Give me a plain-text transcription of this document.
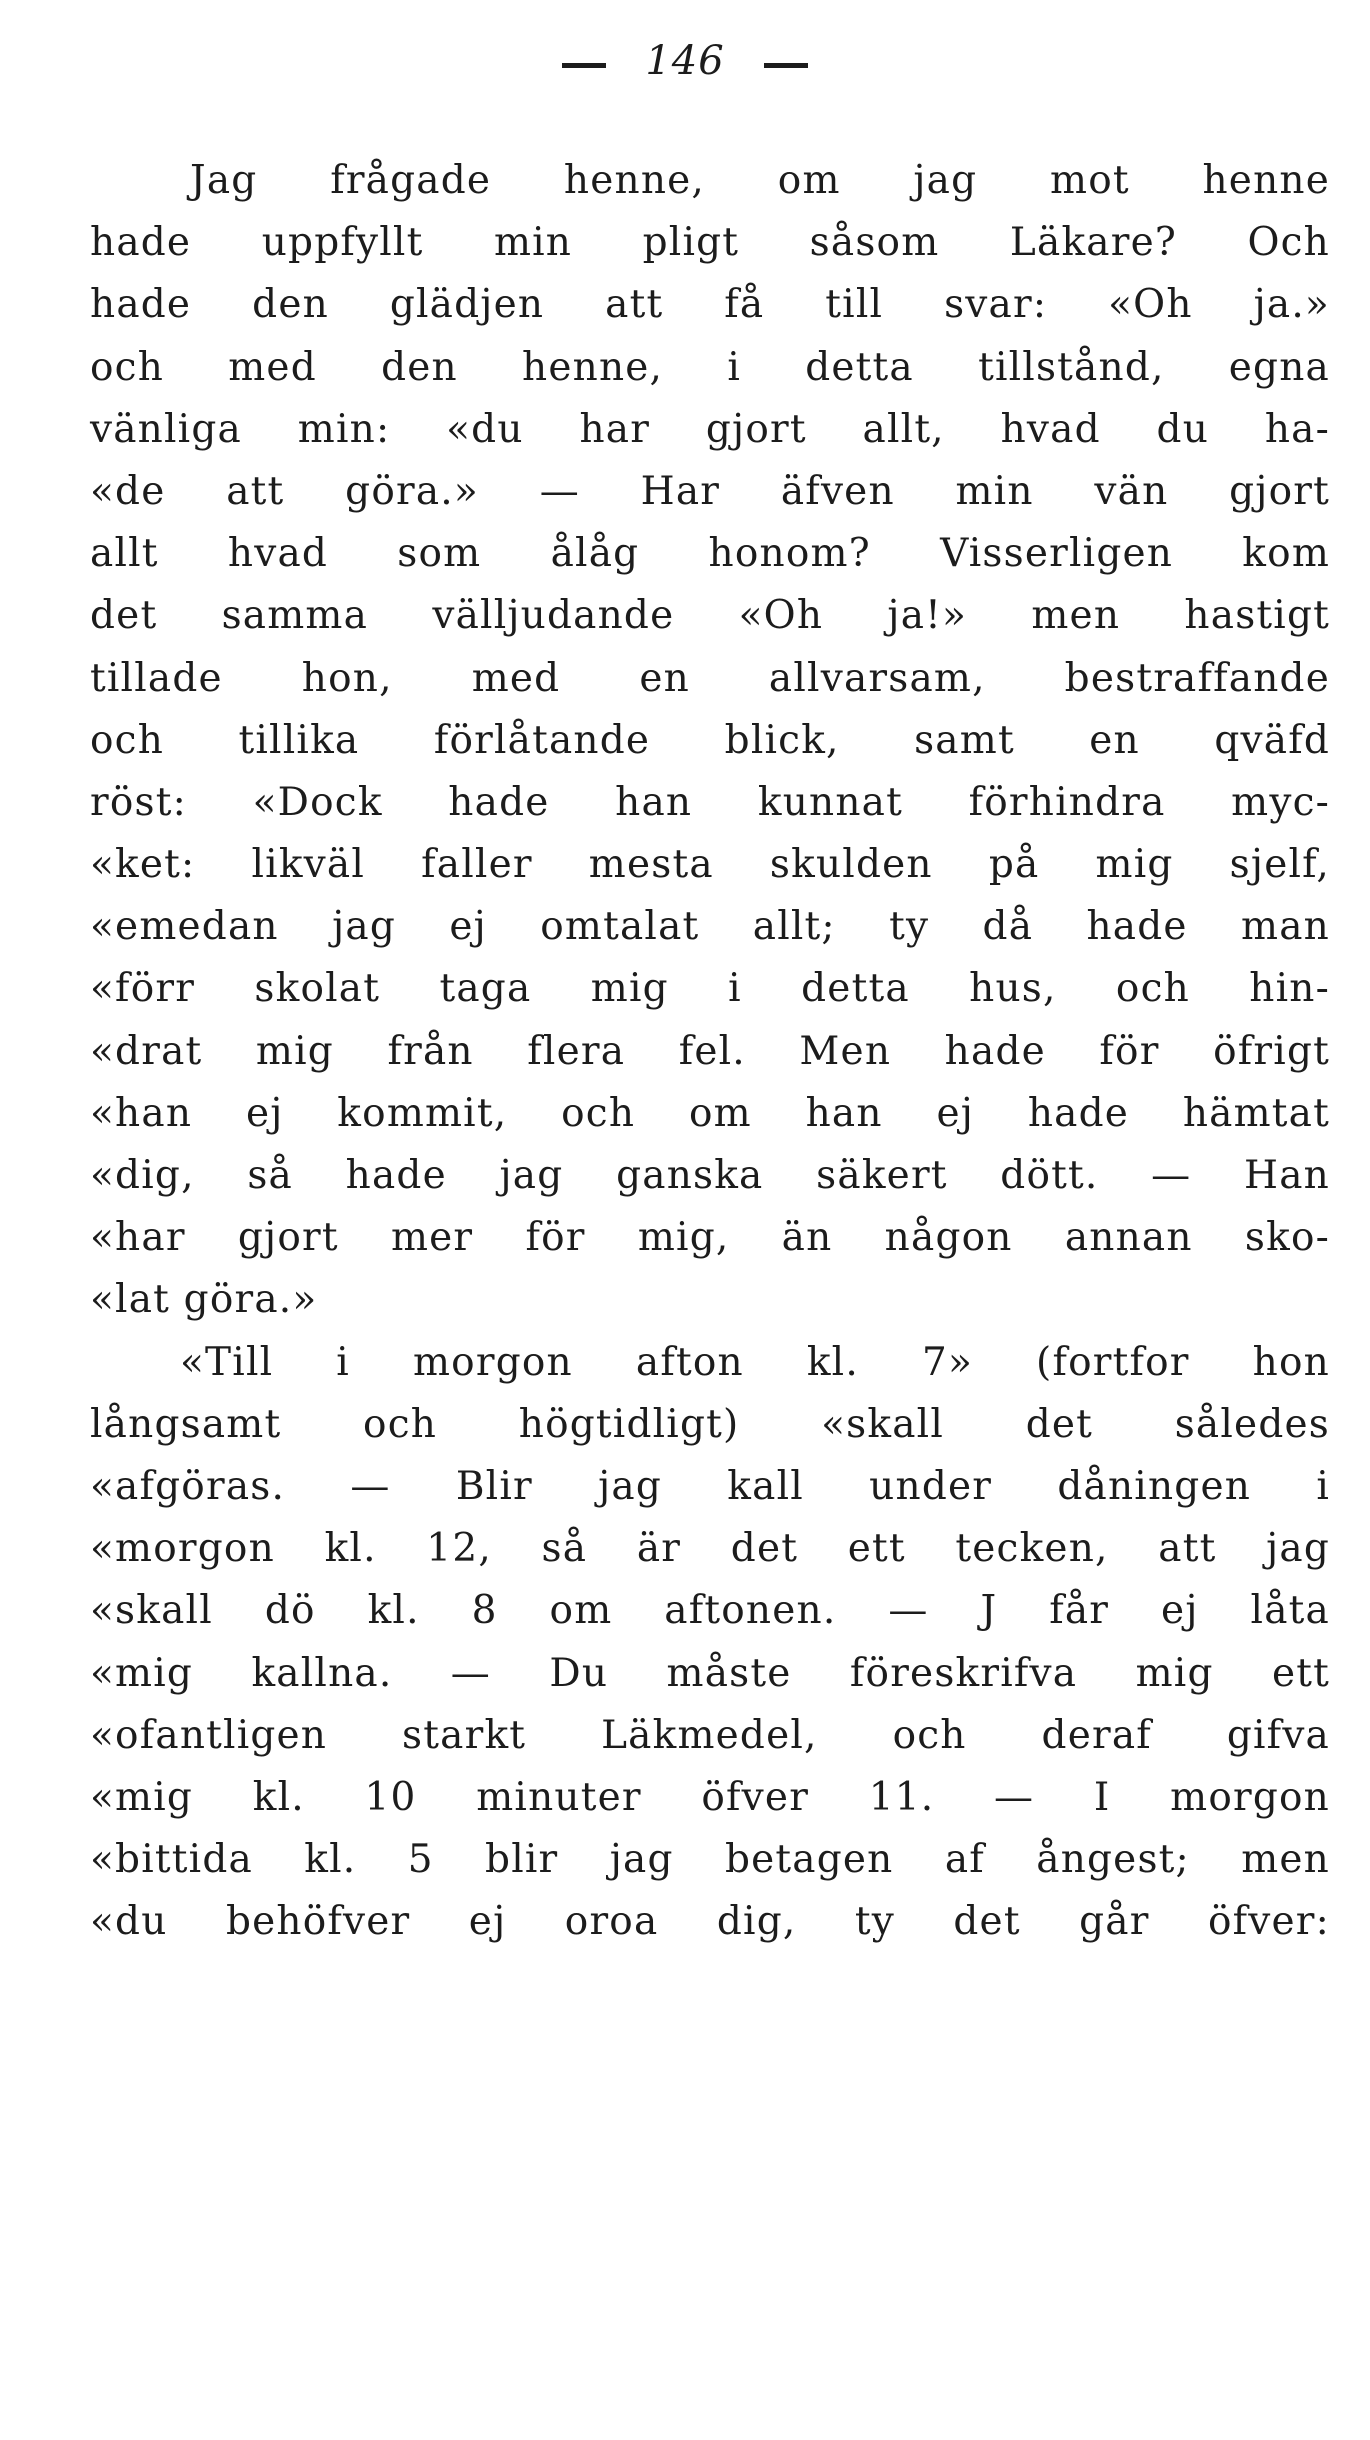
146
Jag frågade henne, om jag mot henne
hade uppfyllt min pligt såsom Läkare? Och
hade den glädjen att få till svar: «Oh ja.»
och med den henne, i detta tillstånd, egna
vänliga min: «du har gjort allt, hvad du ha-
«de att göra.» — Har äfven min vän gjort
allt hvad som ålåg honom? Visserligen kom
det samma välljudande «Oh ja!» men hastigt
tillade hon, med en allvarsam, bestraffande
och tillika förlåtande blick, samt en qväfd
röst: «Dock hade han kunnat förhindra myc-
«ket: likväl faller mesta skulden på mig sjelf,
«emedan jag ej omtalat allt; ty då hade man
«förr skolat taga mig i detta hus, och hin-
«drat mig från flera fel. Men hade för öfrigt
«han ej kommit, och om han ej hade hämtat
«dig, så hade jag ganska säkert dött. — Han
«har gjort mer för mig, än någon annan sko-
«lat göra.»
«Till i morgon afton kl. 7» (fortfor hon
långsamt och högtidligt) «skall det således
«afgöras. — Blir jag kall under dåningen i
«morgon kl. 12, så är det ett tecken, att jag
«skall dö kl. 8 om aftonen. — J får ej låta
«mig kallna. — Du måste föreskrifva mig ett
«ofantligen starkt Läkmedel, och deraf gifva
«mig kl. 10 minuter öfver 11. — I morgon
«bittida kl. 5 blir jag betagen af ångest; men
«du behöfver ej oroa dig, ty det går öfver:
